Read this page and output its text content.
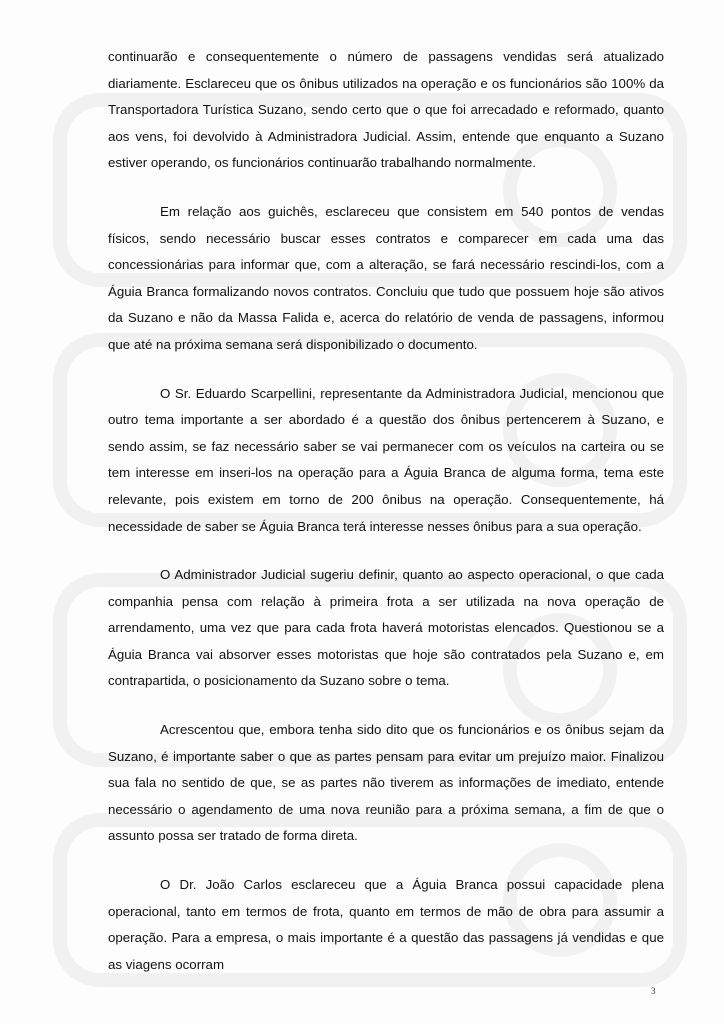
continuarão e consequentemente o número de passagens vendidas será atualizado diariamente. Esclareceu que os ônibus utilizados na operação e os funcionários são 100% da Transportadora Turística Suzano, sendo certo que o que foi arrecadado e reformado, quanto aos vens, foi devolvido à Administradora Judicial. Assim, entende que enquanto a Suzano estiver operando, os funcionários continuarão trabalhando normalmente.

Em relação aos guichês, esclareceu que consistem em 540 pontos de vendas físicos, sendo necessário buscar esses contratos e comparecer em cada uma das concessionárias para informar que, com a alteração, se fará necessário rescindi-los, com a Águia Branca formalizando novos contratos. Concluiu que tudo que possuem hoje são ativos da Suzano e não da Massa Falida e, acerca do relatório de venda de passagens, informou que até na próxima semana será disponibilizado o documento.

O Sr. Eduardo Scarpellini, representante da Administradora Judicial, mencionou que outro tema importante a ser abordado é a questão dos ônibus pertencerem à Suzano, e sendo assim, se faz necessário saber se vai permanecer com os veículos na carteira ou se tem interesse em inseri-los na operação para a Águia Branca de alguma forma, tema este relevante, pois existem em torno de 200 ônibus na operação. Consequentemente, há necessidade de saber se Águia Branca terá interesse nesses ônibus para a sua operação.

O Administrador Judicial sugeriu definir, quanto ao aspecto operacional, o que cada companhia pensa com relação à primeira frota a ser utilizada na nova operação de arrendamento, uma vez que para cada frota haverá motoristas elencados. Questionou se a Águia Branca vai absorver esses motoristas que hoje são contratados pela Suzano e, em contrapartida, o posicionamento da Suzano sobre o tema.

Acrescentou que, embora tenha sido dito que os funcionários e os ônibus sejam da Suzano, é importante saber o que as partes pensam para evitar um prejuízo maior. Finalizou sua fala no sentido de que, se as partes não tiverem as informações de imediato, entende necessário o agendamento de uma nova reunião para a próxima semana, a fim de que o assunto possa ser tratado de forma direta.

O Dr. João Carlos esclareceu que a Águia Branca possui capacidade plena operacional, tanto em termos de frota, quanto em termos de mão de obra para assumir a operação. Para a empresa, o mais importante é a questão das passagens já vendidas e que as viagens ocorram

3
